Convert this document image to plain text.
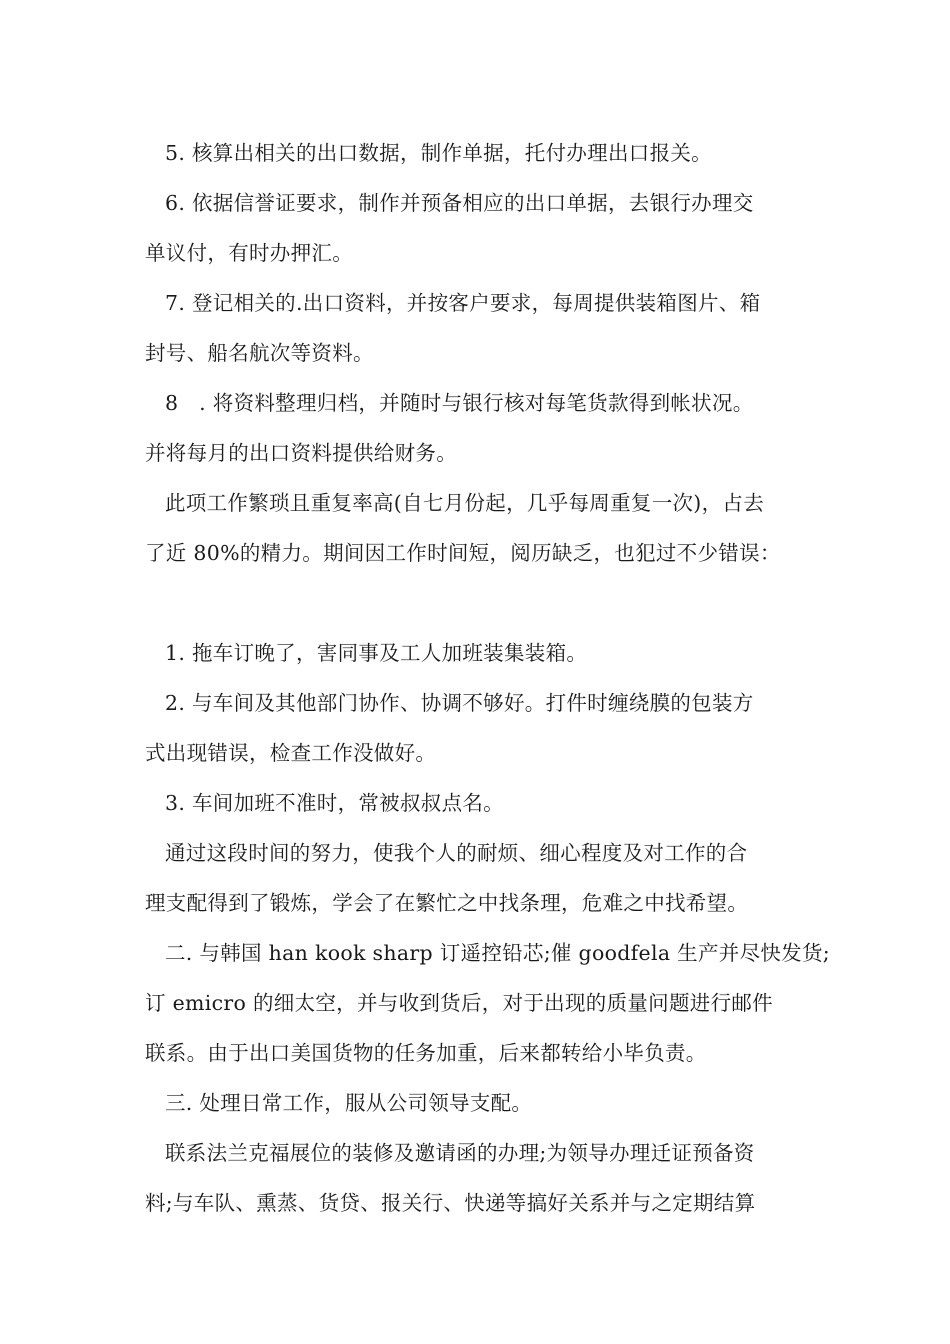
5. 核算出相关的出口数据，制作单据，托付办理出口报关。

6. 依据信誉证要求，制作并预备相应的出口单据，去银行办理交

单议付，有时办押汇。

7. 登记相关的.出口资料，并按客户要求，每周提供装箱图片、箱

封号、船名航次等资料。

8　. 将资料整理归档，并随时与银行核对每笔货款得到帐状况。

并将每月的出口资料提供给财务。

此项工作繁琐且重复率高(自七月份起，几乎每周重复一次)，占去

了近 80%的精力。期间因工作时间短，阅历缺乏，也犯过不少错误：

1. 拖车订晚了，害同事及工人加班装集装箱。

2. 与车间及其他部门协作、协调不够好。打件时缠绕膜的包装方

式出现错误，检查工作没做好。

3. 车间加班不准时，常被叔叔点名。

通过这段时间的努力，使我个人的耐烦、细心程度及对工作的合

理支配得到了锻炼，学会了在繁忙之中找条理，危难之中找希望。

二. 与韩国 han kook sharp 订遥控铅芯;催 goodfela 生产并尽快发货;

订 emicro 的细太空，并与收到货后，对于出现的质量问题进行邮件

联系。由于出口美国货物的任务加重，后来都转给小毕负责。

三. 处理日常工作，服从公司领导支配。

联系法兰克福展位的装修及邀请函的办理;为领导办理迁证预备资

料;与车队、熏蒸、货贷、报关行、快递等搞好关系并与之定期结算
